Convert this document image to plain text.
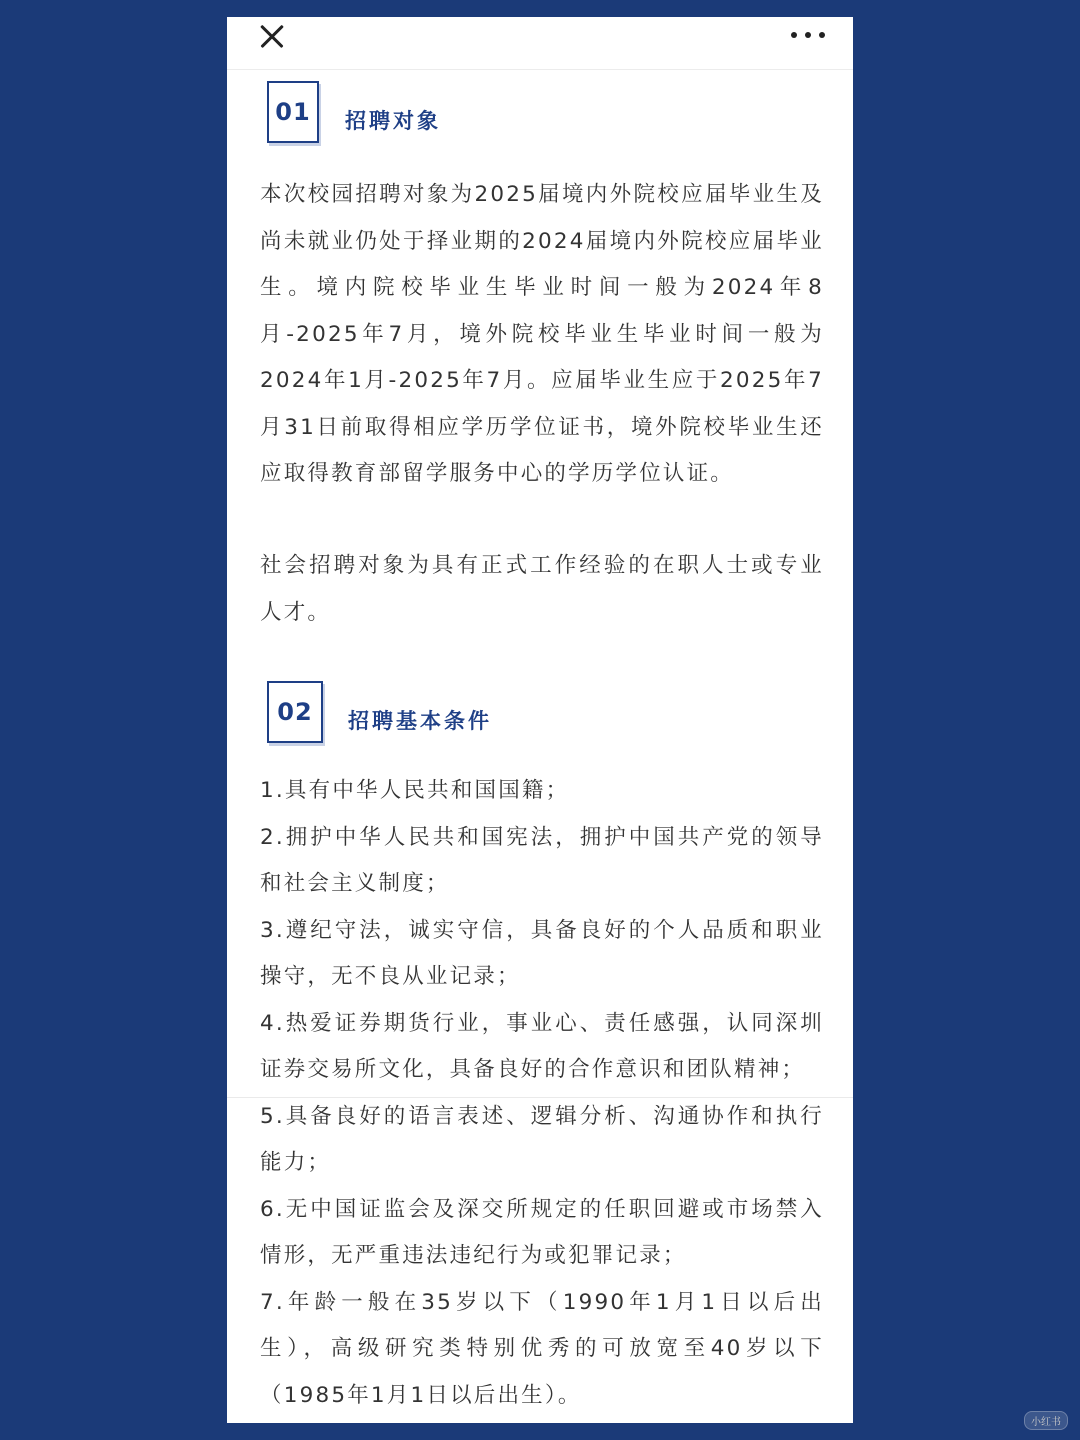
01	招聘对象

本次校园招聘对象为2025届境内外院校应届毕业生及尚未就业仍处于择业期的2024届境内外院校应届毕业生。境内院校毕业生毕业时间一般为2024年8月-2025年7月，境外院校毕业生毕业时间一般为2024年1月-2025年7月。应届毕业生应于2025年7月31日前取得相应学历学位证书，境外院校毕业生还应取得教育部留学服务中心的学历学位认证。

社会招聘对象为具有正式工作经验的在职人士或专业人才。

02	招聘基本条件
1.具有中华人民共和国国籍；
2.拥护中华人民共和国宪法，拥护中国共产党的领导和社会主义制度；
3.遵纪守法，诚实守信，具备良好的个人品质和职业操守，无不良从业记录；
4.热爱证券期货行业，事业心、责任感强，认同深圳证券交易所文化，具备良好的合作意识和团队精神；
5.具备良好的语言表述、逻辑分析、沟通协作和执行能力；
6.无中国证监会及深交所规定的任职回避或市场禁入情形，无严重违法违纪行为或犯罪记录；
7.年龄一般在35岁以下（1990年1月1日以后出生），高级研究类特别优秀的可放宽至40岁以下（1985年1月1日以后出生）。
小红书
